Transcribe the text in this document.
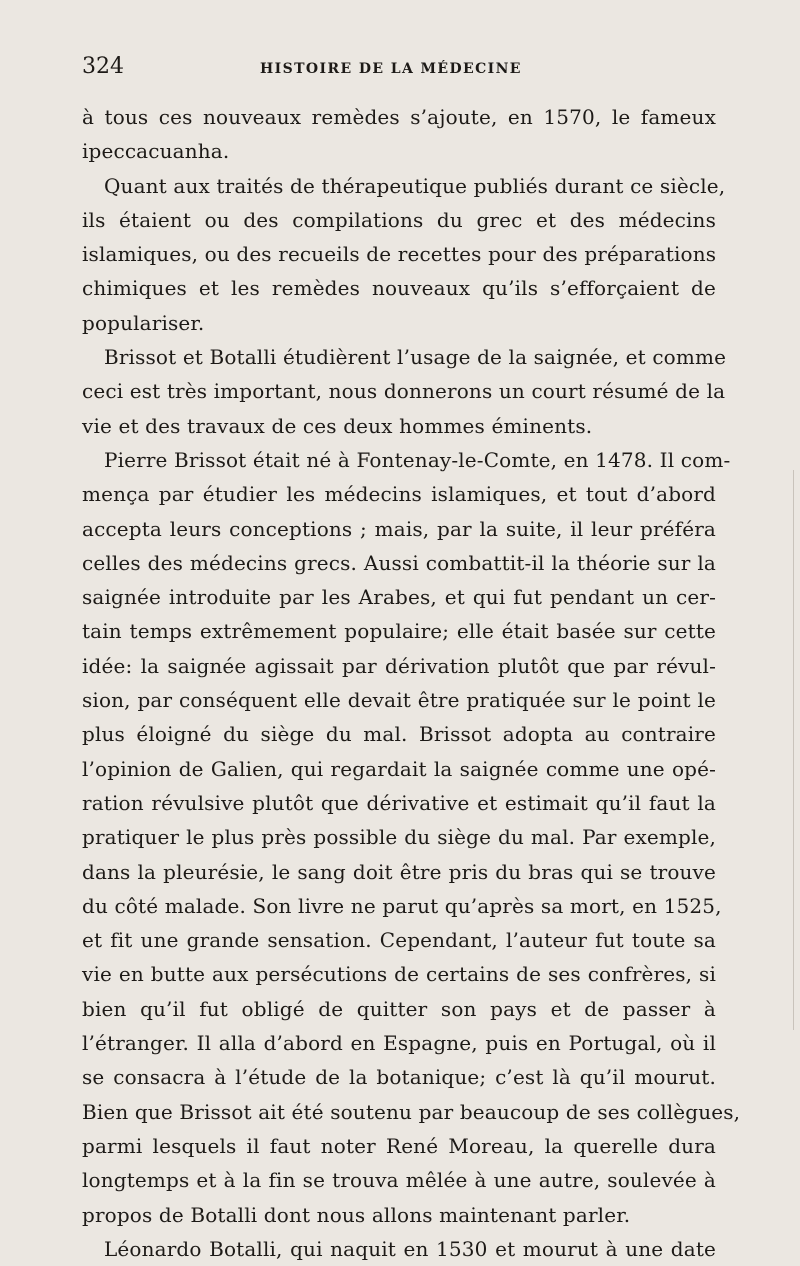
324	HISTOIRE DE LA MÉDECINE
à tous ces nouveaux remèdes s’ajoute, en 1570, le fameux
ipeccacuanha.
Quant aux traités de thérapeutique publiés durant ce siècle,
ils étaient ou des compilations du grec et des médecins
islamiques, ou des recueils de recettes pour des préparations
chimiques et les remèdes nouveaux qu’ils s’efforçaient de
populariser.
Brissot et Botalli étudièrent l’usage de la saignée, et comme
ceci est très important, nous donnerons un court résumé de la
vie et des travaux de ces deux hommes éminents.
Pierre Brissot était né à Fontenay-le-Comte, en 1478. Il com-
mença par étudier les médecins islamiques, et tout d’abord
accepta leurs conceptions ; mais, par la suite, il leur préféra
celles des médecins grecs. Aussi combattit-il la théorie sur la
saignée introduite par les Arabes, et qui fut pendant un cer-
tain temps extrêmement populaire; elle était basée sur cette
idée: la saignée agissait par dérivation plutôt que par révul-
sion, par conséquent elle devait être pratiquée sur le point le
plus éloigné du siège du mal. Brissot adopta au contraire
l’opinion de Galien, qui regardait la saignée comme une opé-
ration révulsive plutôt que dérivative et estimait qu’il faut la
pratiquer le plus près possible du siège du mal. Par exemple,
dans la pleurésie, le sang doit être pris du bras qui se trouve
du côté malade. Son livre ne parut qu’après sa mort, en 1525,
et fit une grande sensation. Cependant, l’auteur fut toute sa
vie en butte aux persécutions de certains de ses confrères, si
bien qu’il fut obligé de quitter son pays et de passer à
l’étranger. Il alla d’abord en Espagne, puis en Portugal, où il
se consacra à l’étude de la botanique; c’est là qu’il mourut.
Bien que Brissot ait été soutenu par beaucoup de ses collègues,
parmi lesquels il faut noter René Moreau, la querelle dura
longtemps et à la fin se trouva mêlée à une autre, soulevée à
propos de Botalli dont nous allons maintenant parler.
Léonardo Botalli, qui naquit en 1530 et mourut à une date
